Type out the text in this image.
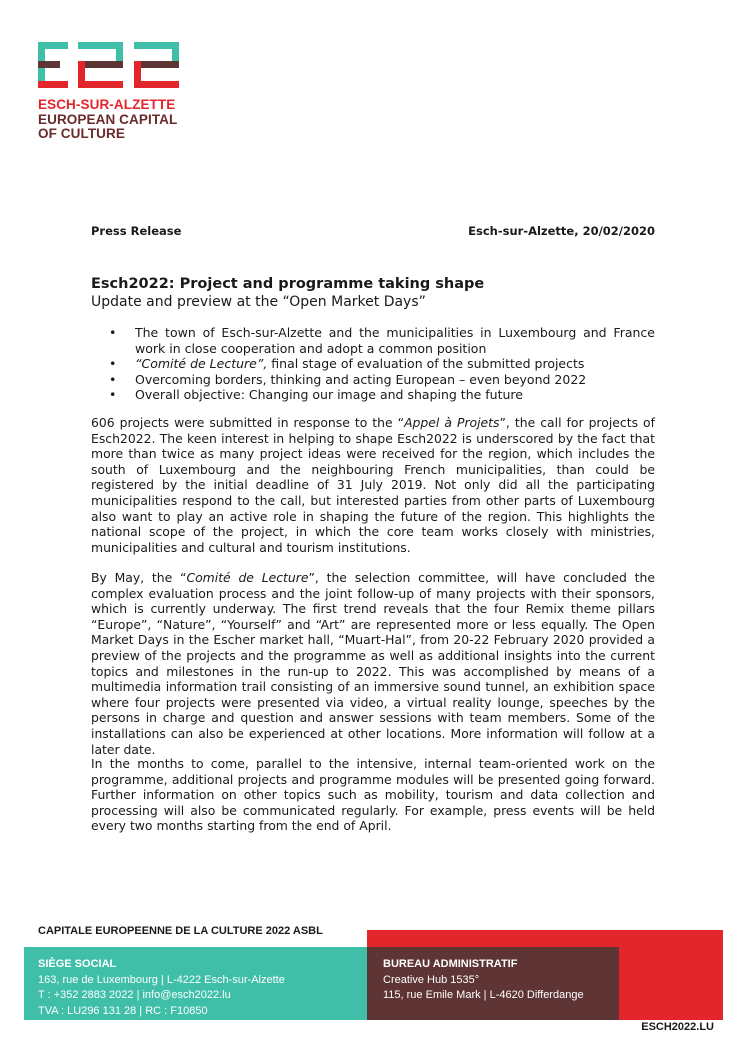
ESCH-SUR-ALZETTE
EUROPEAN CAPITAL
OF CULTURE
Press Release	Esch-sur-Alzette, 20/02/2020
Esch2022: Project and programme taking shape
Update and preview at the “Open Market Days”
• The town of Esch-sur-Alzette and the municipalities in Luxembourg and France work in close cooperation and adopt a common position
• “Comité de Lecture”, final stage of evaluation of the submitted projects
• Overcoming borders, thinking and acting European – even beyond 2022
• Overall objective: Changing our image and shaping the future

606 projects were submitted in response to the “Appel à Projets”, the call for projects of Esch2022. The keen interest in helping to shape Esch2022 is underscored by the fact that more than twice as many project ideas were received for the region, which includes the south of Luxembourg and the neighbouring French municipalities, than could be registered by the initial deadline of 31 July 2019. Not only did all the participating municipalities respond to the call, but interested parties from other parts of Luxembourg also want to play an active role in shaping the future of the region. This highlights the national scope of the project, in which the core team works closely with ministries, municipalities and cultural and tourism institutions.

By May, the “Comité de Lecture”, the selection committee, will have concluded the complex evaluation process and the joint follow-up of many projects with their sponsors, which is currently underway. The first trend reveals that the four Remix theme pillars “Europe”, “Nature”, “Yourself” and “Art” are represented more or less equally. The Open Market Days in the Escher market hall, “Muart-Hal”, from 20-22 February 2020 provided a preview of the projects and the programme as well as additional insights into the current topics and milestones in the run-up to 2022. This was accomplished by means of a multimedia information trail consisting of an immersive sound tunnel, an exhibition space where four projects were presented via video, a virtual reality lounge, speeches by the persons in charge and question and answer sessions with team members. Some of the installations can also be experienced at other locations. More information will follow at a later date.

In the months to come, parallel to the intensive, internal team-oriented work on the programme, additional projects and programme modules will be presented going forward. Further information on other topics such as mobility, tourism and data collection and processing will also be communicated regularly. For example, press events will be held every two months starting from the end of April.

CAPITALE EUROPEENNE DE LA CULTURE 2022 ASBL
SIÈGE SOCIAL
163, rue de Luxembourg | L-4222 Esch-sur-Alzette
T : +352 2883 2022 | info@esch2022.lu
TVA : LU296 131 28 | RC : F10850
BUREAU ADMINISTRATIF
Creative Hub 1535°
115, rue Emile Mark | L-4620 Differdange
ESCH2022.LU
